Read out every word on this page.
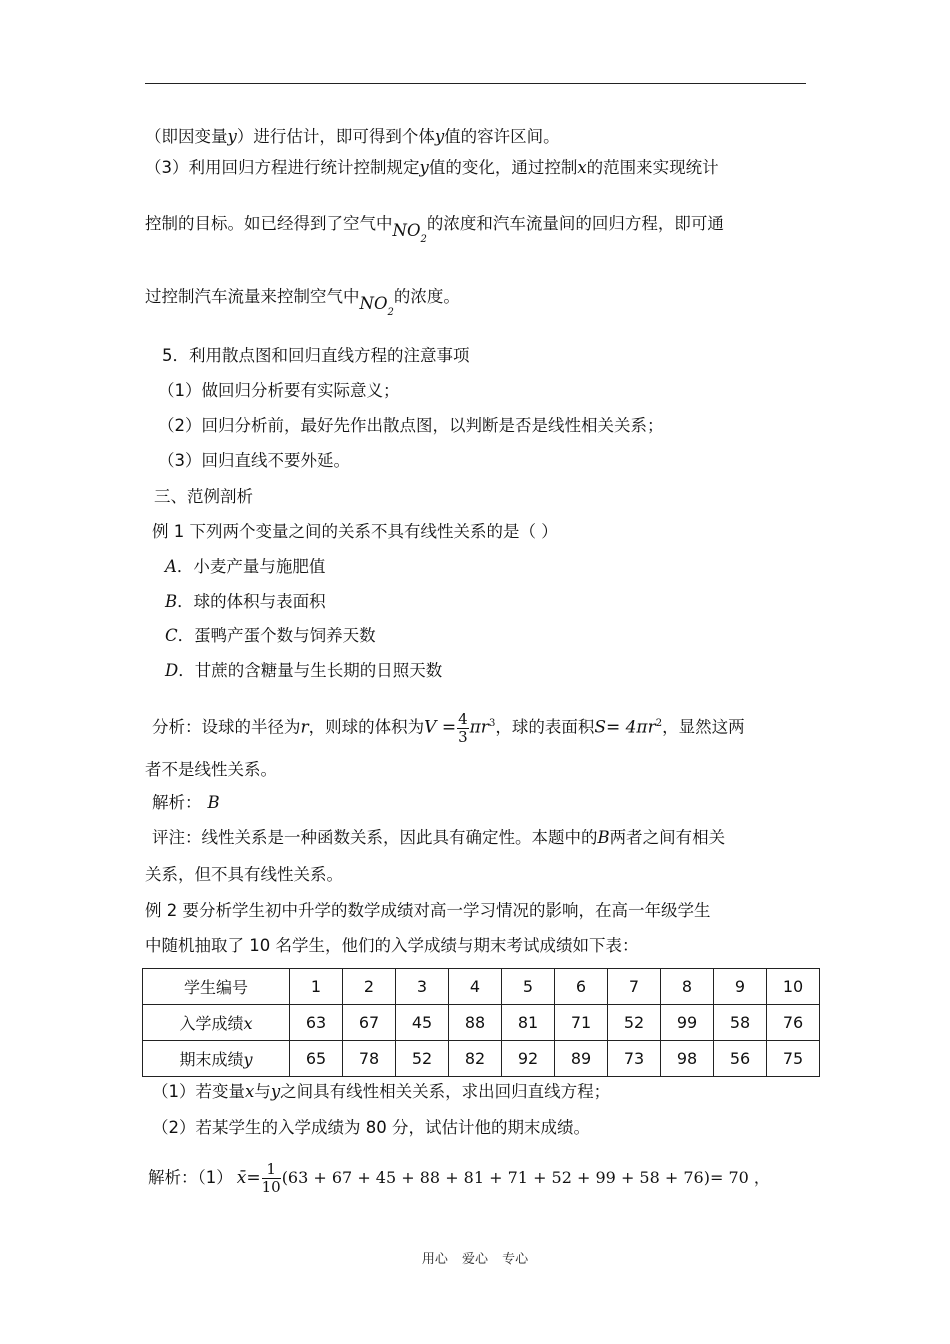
（即因变量y）进行估计，即可得到个体y值的容许区间。
（3）利用回归方程进行统计控制规定y值的变化，通过控制x的范围来实现统计
控制的目标。如已经得到了空气中$NO_2$的浓度和汽车流量间的回归方程，即可通
过控制汽车流量来控制空气中$NO_2$的浓度。
5．利用散点图和回归直线方程的注意事项
（1）做回归分析要有实际意义；
（2）回归分析前，最好先作出散点图，以判断是否是线性相关关系；
（3）回归直线不要外延。
三、范例剖析
例 1 下列两个变量之间的关系不具有线性关系的是（ ）
A．小麦产量与施肥值
B．球的体积与表面积
C．蛋鸭产蛋个数与饲养天数
D．甘蔗的含糖量与生长期的日照天数
分析：设球的半径为r，则球的体积为$V = \frac{4}{3} \pi r^3$，球的表面积$S= 4\pi r^2$，显然这两
者不是线性关系。
解析： B
评注：线性关系是一种函数关系，因此具有确定性。本题中的B两者之间有相关
关系，但不具有线性关系。
例 2 要分析学生初中升学的数学成绩对高一学习情况的影响，在高一年级学生
中随机抽取了 10 名学生，他们的入学成绩与期末考试成绩如下表：
学生编号	1	2	3	4	5	6	7	8	9	10
入学成绩x	63	67	45	88	81	71	52	99	58	76
期末成绩y	65	78	52	82	92	89	73	98	56	75
（1）若变量x与y之间具有线性相关关系，求出回归直线方程；
（2）若某学生的入学成绩为 80 分，试估计他的期末成绩。
解析：（1） x̄= $\frac{1}{10} (63 + 67 + 45 + 88 + 81 + 71 + 52 + 99 + 58 + 76)= 70$ ，
用心 爱心 专心
